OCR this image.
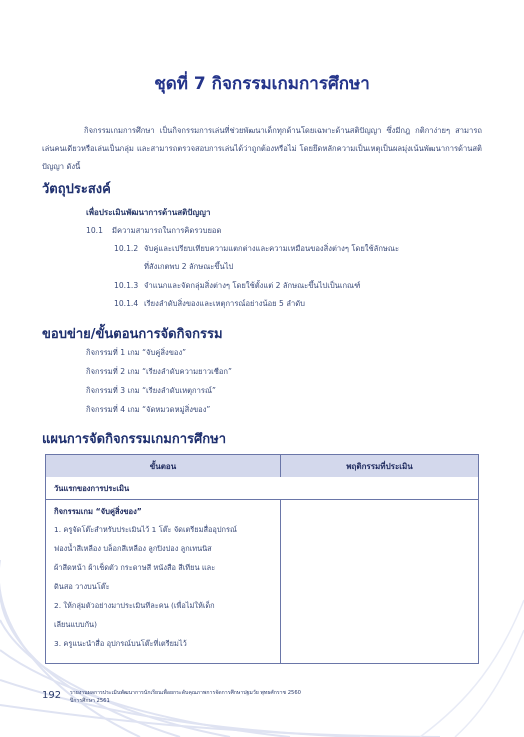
ชุดที่ 7 กิจกรรมเกมการศึกษา
กิจกรรมเกมการศึกษา เป็นกิจกรรมการเล่นที่ช่วยพัฒนาเด็กทุกด้านโดยเฉพาะด้านสติปัญญา ซึ่งมีกฎ กติกาง่ายๆ สามารถเล่นคนเดียวหรือเล่นเป็นกลุ่ม และสามารถตรวจสอบการเล่นได้ว่าถูกต้องหรือไม่ โดยยึดหลักความเป็นเหตุเป็นผลมุ่งเน้นพัฒนาการด้านสติปัญญา ดังนี้
วัตถุประสงค์
เพื่อประเมินพัฒนาการด้านสติปัญญา
10.1 มีความสามารถในการคิดรวบยอด
10.1.2 จับคู่และเปรียบเทียบความแตกต่างและความเหมือนของสิ่งต่างๆ โดยใช้ลักษณะ
ที่สังเกตพบ 2 ลักษณะขึ้นไป
10.1.3 จำแนกและจัดกลุ่มสิ่งต่างๆ โดยใช้ตั้งแต่ 2 ลักษณะขึ้นไปเป็นเกณฑ์
10.1.4 เรียงลำดับสิ่งของและเหตุการณ์อย่างน้อย 5 ลำดับ
ขอบข่าย/ขั้นตอนการจัดกิจกรรม
กิจกรรมที่ 1 เกม “จับคู่สิ่งของ”
กิจกรรมที่ 2 เกม “เรียงลำดับความยาวเชือก”
กิจกรรมที่ 3 เกม “เรียงลำดับเหตุการณ์”
กิจกรรมที่ 4 เกม “จัดหมวดหมู่สิ่งของ”
แผนการจัดกิจกรรมเกมการศึกษา
ขั้นตอน	พฤติกรรมที่ประเมิน
วันแรกของการประเมิน
กิจกรรมเกม “จับคู่สิ่งของ”
1. ครูจัดโต๊ะสำหรับประเมินไว้ 1 โต๊ะ จัดเตรียมสื่ออุปกรณ์
ฟองน้ำสีเหลือง บล็อกสีเหลือง ลูกปิงปอง ลูกเทนนิส
ผ้าสีดหน้า ผ้าเช็ดตัว กระดาษสี หนังสือ สีเทียน และ
ดินสอ วางบนโต๊ะ
2. ให้กลุ่มตัวอย่างมาประเมินทีละคน (เพื่อไม่ให้เด็ก
เลียนแบบกัน)
3. ครูแนะนำสื่อ อุปกรณ์บนโต๊ะที่เตรียมไว้
192 รายงานผลการประเมินพัฒนาการนักเรียนเพื่อยกระดับคุณภาพการจัดการศึกษาปฐมวัย พุทธศักราช 2560
ปีการศึกษา 2561
